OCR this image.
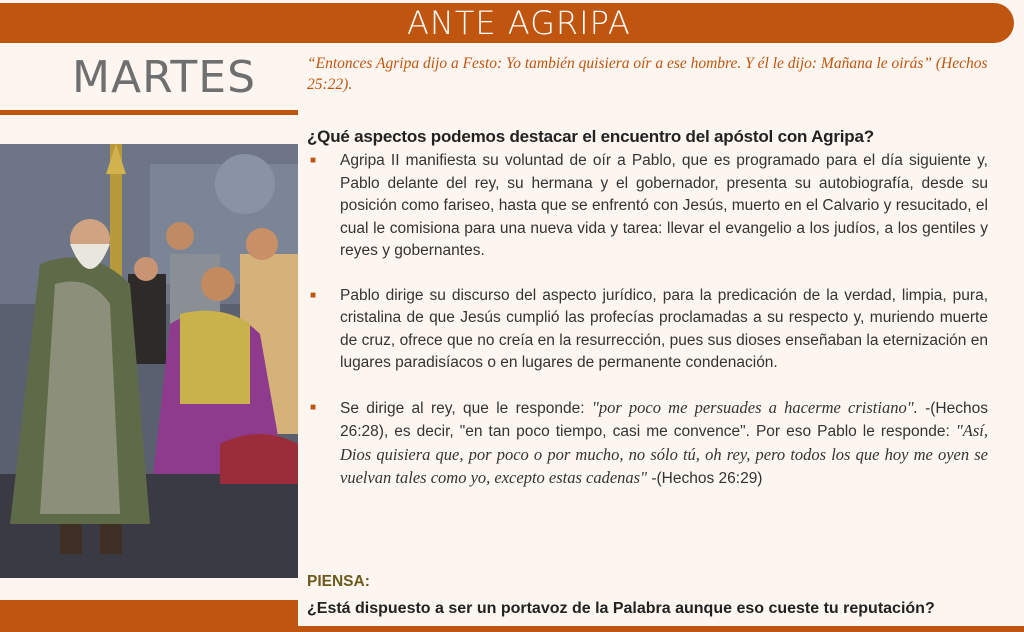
ANTE AGRIPA
MARTES	“Entonces Agripa dijo a Festo: Yo también quisiera oír a ese hombre. Y él le dijo: Mañana le oirás” (Hechos 25:22).
¿Qué aspectos podemos destacar el encuentro del apóstol con Agripa?
■ Agripa II manifiesta su voluntad de oír a Pablo, que es programado para el día siguiente y, Pablo delante del rey, su hermana y el gobernador, presenta su autobiografía, desde su posición como fariseo, hasta que se enfrentó con Jesús, muerto en el Calvario y resucitado, el cual le comisiona para una nueva vida y tarea: llevar el evangelio a los judíos, a los gentiles y reyes y gobernantes.
■ Pablo dirige su discurso del aspecto jurídico, para la predicación de la verdad, limpia, pura, cristalina de que Jesús cumplió las profecías proclamadas a su respecto y, muriendo muerte de cruz, ofrece que no creía en la resurrección, pues sus dioses enseñaban la eternización en lugares paradisíacos o en lugares de permanente condenación.
■ Se dirige al rey, que le responde: "por poco me persuades a hacerme cristiano". -(Hechos 26:28), es decir, "en tan poco tiempo, casi me convence". Por eso Pablo le responde: "Así, Dios quisiera que, por poco o por mucho, no sólo tú, oh rey, pero todos los que hoy me oyen se vuelvan tales como yo, excepto estas cadenas" -(Hechos 26:29)
PIENSA:
¿Está dispuesto a ser un portavoz de la Palabra aunque eso cueste tu reputación?
